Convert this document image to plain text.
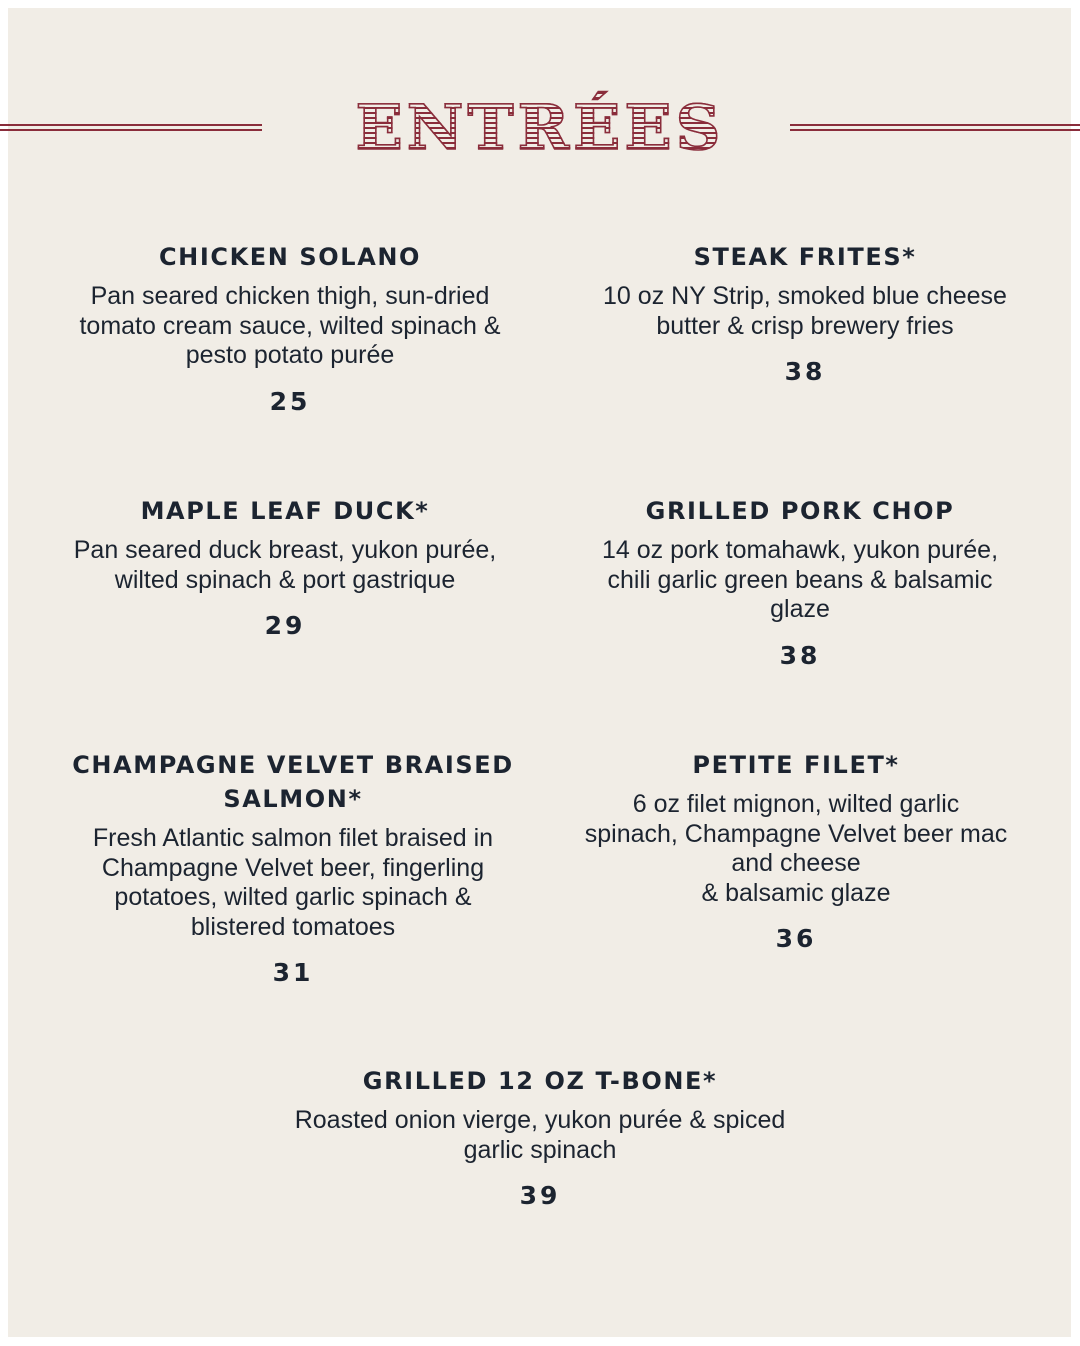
ENTRÉES

CHICKEN SOLANO

Pan seared chicken thigh, sun-dried
tomato cream sauce, wilted spinach &
pesto potato purée

25

STEAK FRITES*

10 oz NY Strip, smoked blue cheese
butter & crisp brewery fries

38

MAPLE LEAF DUCK*

Pan seared duck breast, yukon purée,
wilted spinach & port gastrique

29

GRILLED PORK CHOP

14 oz pork tomahawk, yukon purée,
chili garlic green beans & balsamic
glaze

38

CHAMPAGNE VELVET BRAISED
SALMON*

Fresh Atlantic salmon filet braised in
Champagne Velvet beer, fingerling
potatoes, wilted garlic spinach &
blistered tomatoes

31

PETITE FILET*

6 oz filet mignon, wilted garlic
spinach, Champagne Velvet beer mac
and cheese
& balsamic glaze

36

GRILLED 12 OZ T-BONE*

Roasted onion vierge, yukon purée & spiced
garlic spinach

39
